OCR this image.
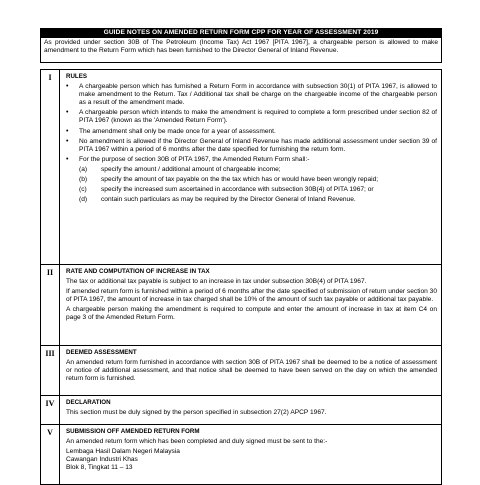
GUIDE NOTES ON AMENDED RETURN FORM CPP FOR YEAR OF ASSESSMENT 2019
As provided under section 30B of The Petroleum (Income Tax) Act 1967 [PITA 1967], a chargeable person is allowed to make amendment to the Return Form which has been furnished to the Director General of Inland Revenue.
I	RULES
•	A chargeable person which has furnished a Return Form in accordance with subsection 30(1) of PITA 1967, is allowed to make amendment to the Return. Tax / Additional tax shall be charge on the chargeable income of the chargeable person as a result of the amendment made.
•	A chargeable person which intends to make the amendment is required to complete a form prescribed under section 82 of PITA 1967 (known as the 'Amended Return Form').
•	The amendment shall only be made once for a year of assessment.
•	No amendment is allowed if the Director General of Inland Revenue has made additional assessment under section 39 of PITA 1967 within a period of 6 months after the date specified for furnishing the return form.
•	For the purpose of section 30B of PITA 1967, the Amended Return Form shall:-
(a)	specify the amount / additional amount of chargeable income;
(b)	specify the amount of tax payable on the the tax which has or would have been wrongly repaid;
(c)	specify the increased sum ascertained in accordance with subsection 30B(4) of PITA 1967; or
(d)	contain such particulars as may be required by the Director General of Inland Revenue.
II	RATE AND COMPUTATION OF INCREASE IN TAX
The tax or additional tax payable is subject to an increase in tax under subsection 30B(4) of PITA 1967.
If amended return form is furnished within a period of 6 months after the date specified of submission of return under section 30 of PITA 1967, the amount of increase in tax charged shall be 10% of the amount of such tax payable or additional tax payable.
A chargeable person making the amendment is required to compute and enter the amount of increase in tax at item C4 on page 3 of the Amended Return Form.
III	DEEMED ASSESSMENT
An amended return form furnished in accordance with section 30B of PITA 1967 shall be deemed to be a notice of assessment or notice of additional assessment, and that notice shall be deemed to have been served on the day on which the amended return form is furnished.
IV	DECLARATION
This section must be duly signed by the person specified in subsection 27(2) APCP 1967.
V	SUBMISSION OFF AMENDED RETURN FORM
An amended return form which has been completed and duly signed must be sent to the:-
Lembaga Hasil Dalam Negeri Malaysia
Cawangan Industri Khas
Blok 8, Tingkat 11 – 13
